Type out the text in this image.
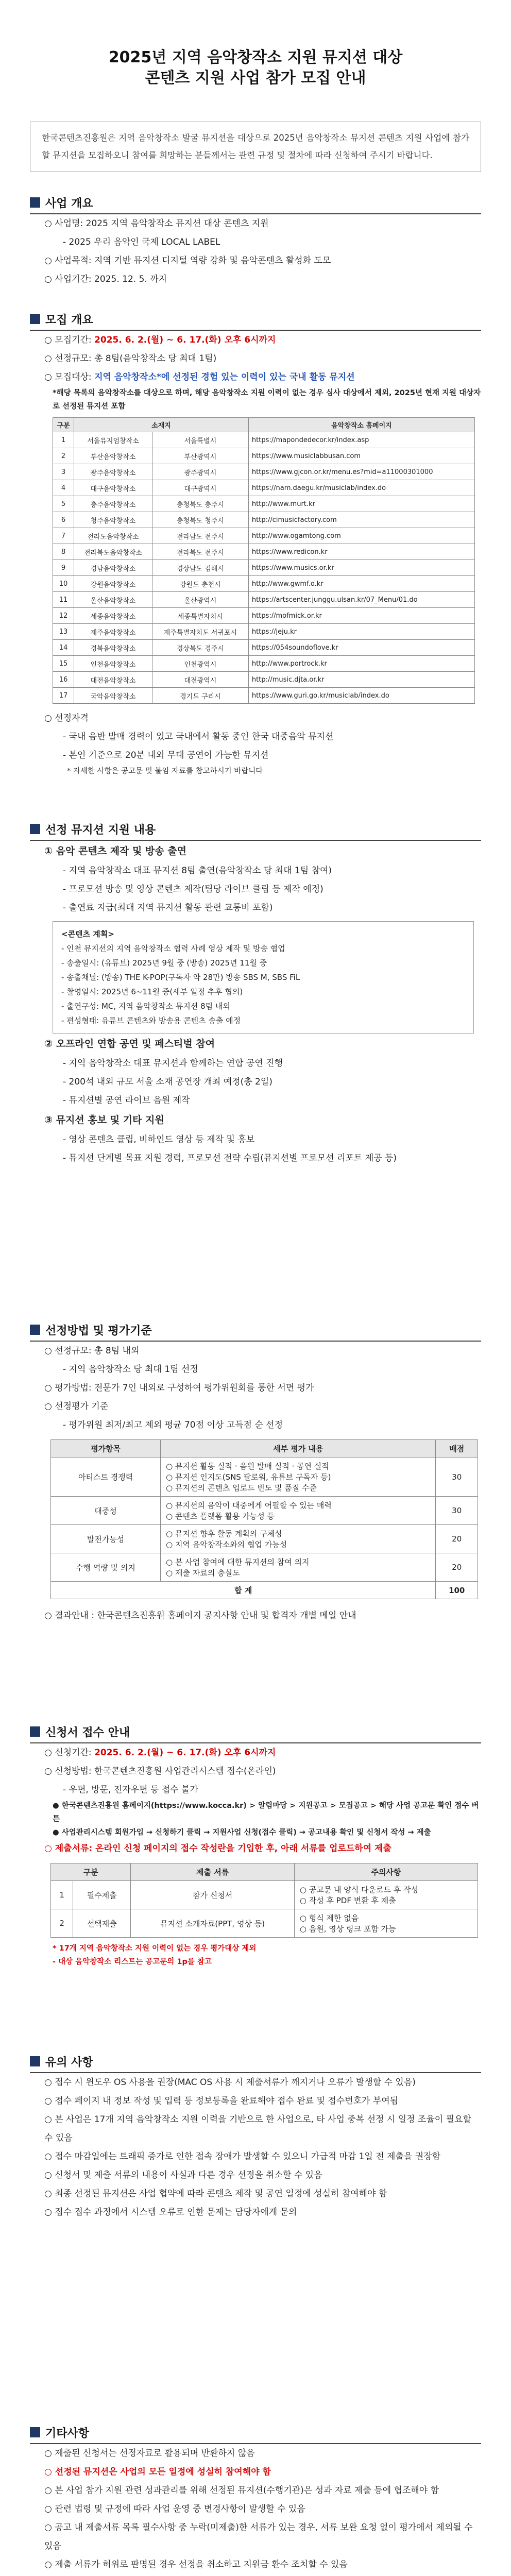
2025년 지역 음악창작소 지원 뮤지션 대상
콘텐츠 지원 사업 참가 모집 안내
한국콘텐츠진흥원은 지역 음악창작소 발굴 뮤지션을 대상으로 2025년 음악창작소 뮤지션 콘텐츠 지원 사업에 참가할 뮤지션을 모집하오니 참여를 희망하는 분들께서는 관련 규정 및 절차에 따라 신청하여 주시기 바랍니다.
사업 개요
○ 사업명: 2025 지역 음악창작소 뮤지션 대상 콘텐츠 지원
- 2025 우리 음악인 국제 LOCAL LABEL
○ 사업목적: 지역 기반 뮤지션 디지털 역량 강화 및 음악콘텐츠 활성화 도모
○ 사업기간: 2025. 12. 5. 까지
모집 개요
○ 모집기간: 2025. 6. 2.(월) ~ 6. 17.(화) 오후 6시까지
○ 선정규모: 총 8팀(음악창작소 당 최대 1팀)
○ 모집대상: 지역 음악창작소*에 선정된 경험 있는 이력이 있는 국내 활동 뮤지션
*해당 목록의 음악창작소를 대상으로 하며, 해당 음악창작소 지원 이력이 없는 경우 심사 대상에서 제외, 2025년 현재 지원 대상자로 선정된 뮤지션 포함
구분	소재지		음악창작소 홈페이지
1	서울뮤지엄창작소	서울특별시	https://mapondedecor.kr/index.asp
2	부산음악창작소	부산광역시	https://www.musiclabbusan.com
3	광주음악창작소	광주광역시	https://www.gjcon.or.kr/menu.es?mid=a11000301000
4	대구음악창작소	대구광역시	https://nam.daegu.kr/musiclab/index.do
5	충주음악창작소	충청북도 충주시	http://www.murt.kr
6	청주음악창작소	충청북도 청주시	http://cimusicfactory.com
7	전라도음악창작소	전라남도 전주시	http://www.ogamtong.com
8	전라북도음악창작소	전라북도 전주시	https://www.redicon.kr
9	경남음악창작소	경상남도 김해시	https://www.musics.or.kr
10	강원음악창작소	강원도 춘천시	http://www.gwmf.o.kr
11	울산음악창작소	울산광역시	https://artscenter.junggu.ulsan.kr/07_Menu/01.do
12	세종음악창작소	세종특별자치시	https://mofmick.or.kr
13	제주음악창작소	제주특별자치도 서귀포시	https://jeju.kr
14	경북음악창작소	경상북도 경주시	https://054soundoflove.kr
15	인천음악창작소	인천광역시	http://www.portrock.kr
16	대전음악창작소	대전광역시	http://music.djta.or.kr
17	국악음악창작소	경기도 구리시	https://www.guri.go.kr/musiclab/index.do
○ 선정자격
- 국내 음반 발매 경력이 있고 국내에서 활동 중인 한국 대중음악 뮤지션
- 본인 기준으로 20분 내외 무대 공연이 가능한 뮤지션
* 자세한 사항은 공고문 및 붙임 자료를 참고하시기 바랍니다
선정 뮤지션 지원 내용
① 음악 콘텐츠 제작 및 방송 출연
- 지역 음악창작소 대표 뮤지션 8팀 출연(음악창작소 당 최대 1팀 참여)
- 프로모션 방송 및 영상 콘텐츠 제작(팀당 라이브 클립 등 제작 예정)
- 출연료 지급(최대 지역 뮤지션 활동 관련 교통비 포함)
<콘텐츠 계획>
- 인천 뮤지션의 지역 음악창작소 협력 사례 영상 제작 및 방송 협업
- 송출일시: (유튜브) 2025년 9월 중 (방송) 2025년 11월 중
- 송출채널: (방송) THE K-POP(구독자 약 28만) 방송 SBS M, SBS FiL
- 촬영일시: 2025년 6~11월 중(세부 일정 추후 협의)
- 출연구성: MC, 지역 음악창작소 뮤지션 8팀 내외
- 편성형태: 유튜브 콘텐츠와 방송용 콘텐츠 송출 예정
② 오프라인 연합 공연 및 페스티벌 참여
- 지역 음악창작소 대표 뮤지션과 함께하는 연합 공연 진행
- 200석 내외 규모 서울 소재 공연장 개최 예정(총 2일)
- 뮤지션별 공연 라이브 음원 제작
③ 뮤지션 홍보 및 기타 지원
- 영상 콘텐츠 클립, 비하인드 영상 등 제작 및 홍보
- 뮤지션 단계별 목표 지원 경력, 프로모션 전략 수립(뮤지션별 프로모션 리포트 제공 등)
선정방법 및 평가기준
○ 선정규모: 총 8팀 내외
- 지역 음악창작소 당 최대 1팀 선정
○ 평가방법: 전문가 7인 내외로 구성하여 평가위원회를 통한 서면 평가
○ 선정평가 기준
- 평가위원 최저/최고 제외 평균 70점 이상 고득점 순 선정
평가항목	세부 평가 내용	배점
아티스트 경쟁력	○ 뮤지션 활동 실적 · 음원 발매 실적 · 공연 실적
○ 뮤지션 인지도(SNS 팔로워, 유튜브 구독자 등)
○ 뮤지션의 콘텐츠 업로드 빈도 및 품질 수준	30
대중성	○ 뮤지션의 음악이 대중에게 어필할 수 있는 매력
○ 콘텐츠 플랫폼 활용 가능성 등	30
발전가능성	○ 뮤지션 향후 활동 계획의 구체성
○ 지역 음악창작소와의 협업 가능성	20
수행 역량 및 의지	○ 본 사업 참여에 대한 뮤지션의 참여 의지
○ 제출 자료의 충실도	20
합 계		100
○ 결과안내 : 한국콘텐츠진흥원 홈페이지 공지사항 안내 및 합격자 개별 메일 안내
신청서 접수 안내
○ 신청기간: 2025. 6. 2.(월) ~ 6. 17.(화) 오후 6시까지
○ 신청방법: 한국콘텐츠진흥원 사업관리시스템 접수(온라인)
- 우편, 방문, 전자우편 등 접수 불가
● 한국콘텐츠진흥원 홈페이지(https://www.kocca.kr) > 알림마당 > 지원공고 > 모집공고 > 해당 사업 공고문 확인 접수 버튼
● 사업관리시스템 회원가입 → 신청하기 클릭 → 지원사업 신청(접수 클릭) → 공고내용 확인 및 신청서 작성 → 제출
○ 제출서류: 온라인 신청 페이지의 접수 작성란을 기입한 후, 아래 서류를 업로드하여 제출
구분		제출 서류	주의사항
1	필수제출	참가 신청서	○ 공고문 내 양식 다운로드 후 작성
○ 작성 후 PDF 변환 후 제출
2	선택제출	뮤지션 소개자료(PPT, 영상 등)	○ 형식 제한 없음
○ 음원, 영상 링크 포함 가능
* 17개 지역 음악창작소 지원 이력이 없는 경우 평가대상 제외
- 대상 음악창작소 리스트는 공고문의 1p를 참고
유의 사항
○ 접수 시 윈도우 OS 사용을 권장(MAC OS 사용 시 제출서류가 깨지거나 오류가 발생할 수 있음)
○ 접수 페이지 내 정보 작성 및 입력 등 정보등록을 완료해야 접수 완료 및 접수번호가 부여됨
○ 본 사업은 17개 지역 음악창작소 지원 이력을 기반으로 한 사업으로, 타 사업 중복 선정 시 일정 조율이 필요할 수 있음
○ 접수 마감일에는 트래픽 증가로 인한 접속 장애가 발생할 수 있으니 가급적 마감 1일 전 제출을 권장함
○ 신청서 및 제출 서류의 내용이 사실과 다른 경우 선정을 취소할 수 있음
○ 최종 선정된 뮤지션은 사업 협약에 따라 콘텐츠 제작 및 공연 일정에 성실히 참여해야 함
○ 접수 접수 과정에서 시스템 오류로 인한 문제는 담당자에게 문의
기타사항
○ 제출된 신청서는 선정자료로 활용되며 반환하지 않음
○ 선정된 뮤지션은 사업의 모든 일정에 성실히 참여해야 함
○ 본 사업 참가 지원 관련 성과관리를 위해 선정된 뮤지션(수행기관)은 성과 자료 제출 등에 협조해야 함
○ 관련 법령 및 규정에 따라 사업 운영 중 변경사항이 발생할 수 있음
○ 공고 내 제출서류 목록 필수사항 중 누락(미제출)한 서류가 있는 경우, 서류 보완 요청 없이 평가에서 제외될 수 있음
○ 제출 서류가 허위로 판명된 경우 선정을 취소하고 지원금 환수 조치할 수 있음
